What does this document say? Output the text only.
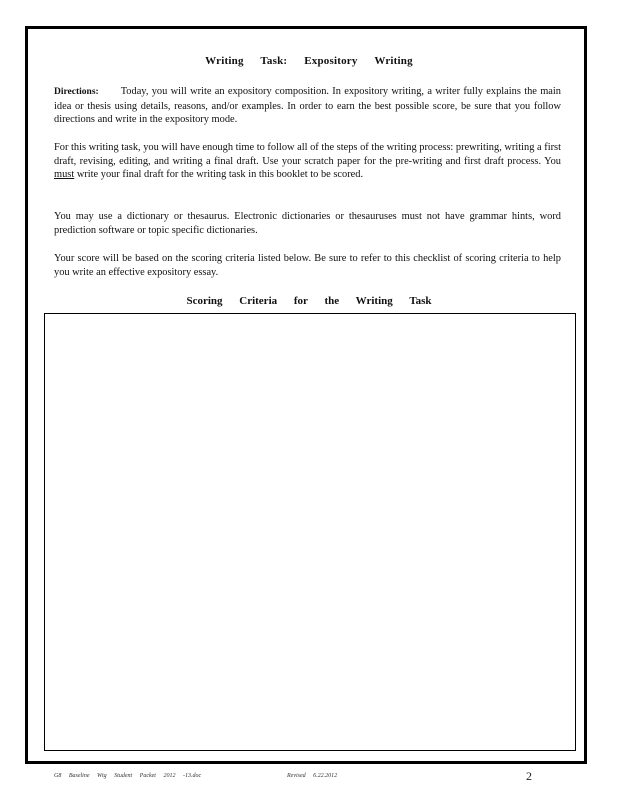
Writing Task: Expository Writing

Directions: Today, you will write an expository composition. In expository writing, a writer fully explains the main idea or thesis using details, reasons, and/or examples. In order to earn the best possible score, be sure that you follow directions and write in the expository mode.

For this writing task, you will have enough time to follow all of the steps of the writing process: prewriting, writing a first draft, revising, editing, and writing a final draft. Use your scratch paper for the pre-writing and first draft process. You must write your final draft for the writing task in this booklet to be scored.

You may use a dictionary or thesaurus. Electronic dictionaries or thesauruses must not have grammar hints, word prediction software or topic specific dictionaries.

Your score will be based on the scoring criteria listed below. Be sure to refer to this checklist of scoring criteria to help you write an effective expository essay.

Scoring Criteria for the Writing Task
G8 Baseline Wtg Student Packet 2012 -13.doc	Revised 6.22.2012	2
